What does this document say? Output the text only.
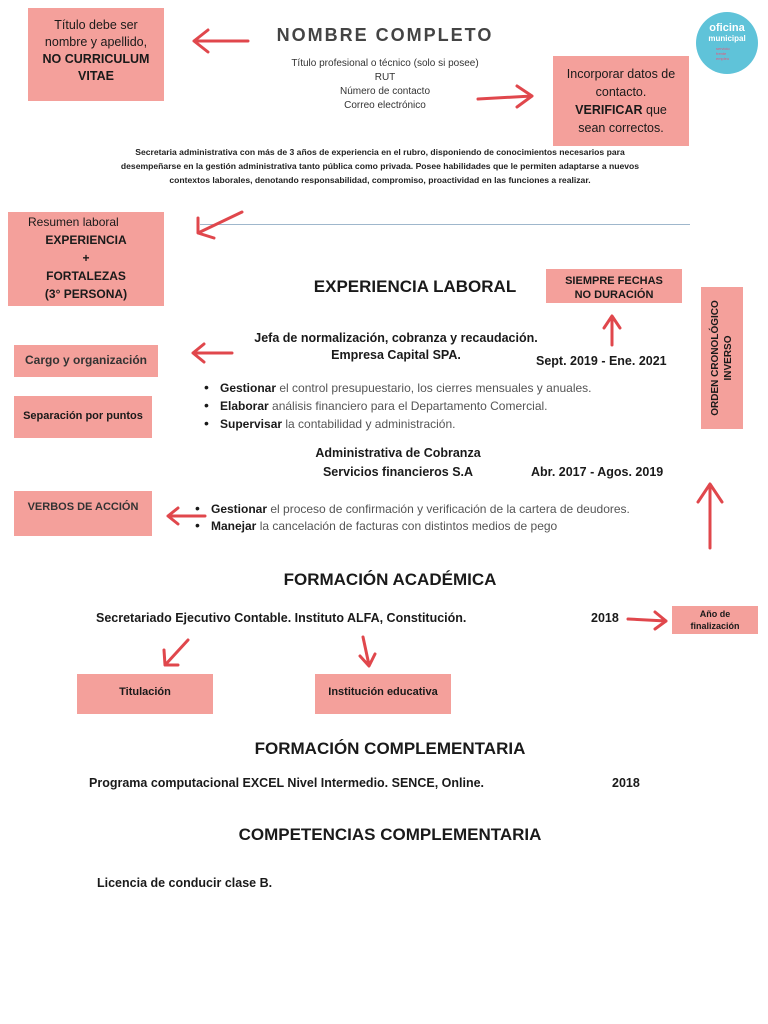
NOMBRE COMPLETO
Título profesional o técnico (solo si posee)
RUT
Número de contacto
Correo electrónico
oficina
municipal
servicio
frente
empleo
Secretaria administrativa con más de 3 años de experiencia en el rubro, disponiendo de conocimientos necesarios para desempeñarse en la gestión administrativa tanto pública como privada. Posee habilidades que le permiten adaptarse a nuevos contextos laborales, denotando responsabilidad, compromiso, proactividad en las funciones a realizar.
Título debe ser
nombre y apellido,
NO CURRICULUM
VITAE	Incorporar datos de
contacto.
VERIFICAR que
sean correctos.
Resumen laboral
EXPERIENCIA
+
FORTALEZAS
(3° PERSONA)	EXPERIENCIA LABORAL	SIEMPRE FECHAS
NO DURACIÓN
ORDEN CRONOLÓGICO INVERSO
Cargo y organización
Separación por puntos
VERBOS DE ACCIÓN
Jefa de normalización, cobranza y recaudación.
Empresa Capital SPA.	Sept. 2019 - Ene. 2021
• Gestionar el control presupuestario, los cierres mensuales y anuales.
• Elaborar análisis financiero para el Departamento Comercial.
• Supervisar la contabilidad y administración.
Administrativa de Cobranza
Servicios financieros S.A	Abr. 2017 - Agos. 2019
• Gestionar el proceso de confirmación y verificación de la cartera de deudores.
• Manejar la cancelación de facturas con distintos medios de pego
FORMACIÓN ACADÉMICA
Secretariado Ejecutivo Contable. Instituto ALFA, Constitución.	2018	Año de
finalización
Titulación	Institución educativa
FORMACIÓN COMPLEMENTARIA
Programa computacional EXCEL Nivel Intermedio. SENCE, Online.	2018
COMPETENCIAS COMPLEMENTARIA
Licencia de conducir clase B.
